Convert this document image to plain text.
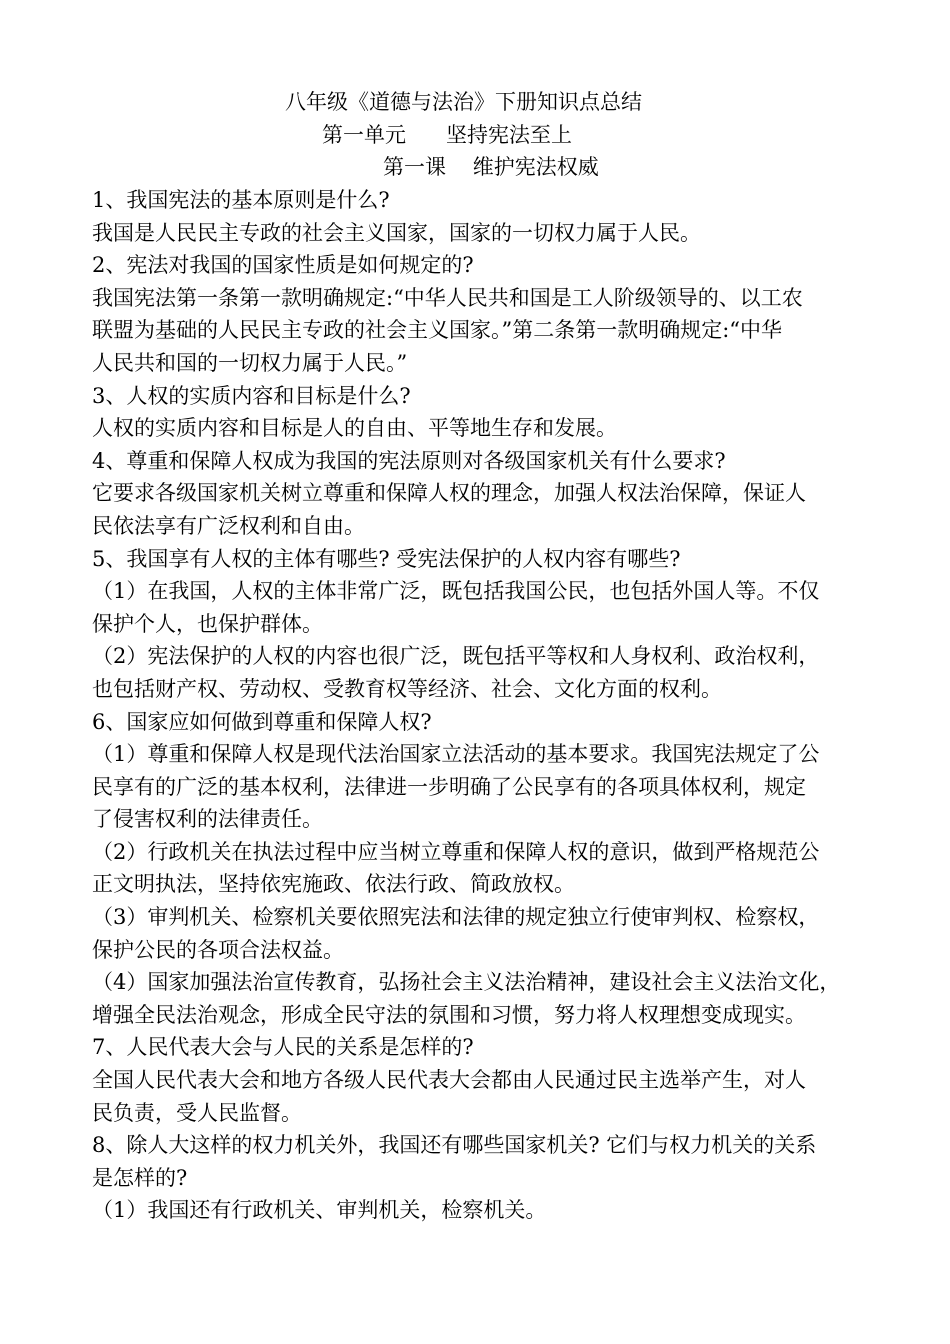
八年级《道德与法治》下册知识点总结
第一单元      坚持宪法至上
第一课    维护宪法权威
1、我国宪法的基本原则是什么?
我国是人民民主专政的社会主义国家，国家的一切权力属于人民。
2、宪法对我国的国家性质是如何规定的?
我国宪法第一条第一款明确规定:“中华人民共和国是工人阶级领导的、以工农
联盟为基础的人民民主专政的社会主义国家。”第二条第一款明确规定:“中华
人民共和国的一切权力属于人民。”
3、人权的实质内容和目标是什么?
人权的实质内容和目标是人的自由、平等地生存和发展。
4、尊重和保障人权成为我国的宪法原则对各级国家机关有什么要求?
它要求各级国家机关树立尊重和保障人权的理念，加强人权法治保障，保证人
民依法享有广泛权利和自由。
5、我国享有人权的主体有哪些? 受宪法保护的人权内容有哪些?
（1）在我国，人权的主体非常广泛，既包括我国公民，也包括外国人等。不仅
保护个人，也保护群体。
（2）宪法保护的人权的内容也很广泛，既包括平等权和人身权利、政治权利，
也包括财产权、劳动权、受教育权等经济、社会、文化方面的权利。
6、国家应如何做到尊重和保障人权?
（1）尊重和保障人权是现代法治国家立法活动的基本要求。我国宪法规定了公
民享有的广泛的基本权利，法律进一步明确了公民享有的各项具体权利，规定
了侵害权利的法律责任。
（2）行政机关在执法过程中应当树立尊重和保障人权的意识，做到严格规范公
正文明执法，坚持依宪施政、依法行政、简政放权。
（3）审判机关、检察机关要依照宪法和法律的规定独立行使审判权、检察权，
保护公民的各项合法权益。
（4）国家加强法治宣传教育，弘扬社会主义法治精神，建设社会主义法治文化，
增强全民法治观念，形成全民守法的氛围和习惯，努力将人权理想变成现实。
7、人民代表大会与人民的关系是怎样的?
全国人民代表大会和地方各级人民代表大会都由人民通过民主选举产生，对人
民负责，受人民监督。
8、除人大这样的权力机关外，我国还有哪些国家机关? 它们与权力机关的关系
是怎样的?
（1）我国还有行政机关、审判机关，检察机关。
